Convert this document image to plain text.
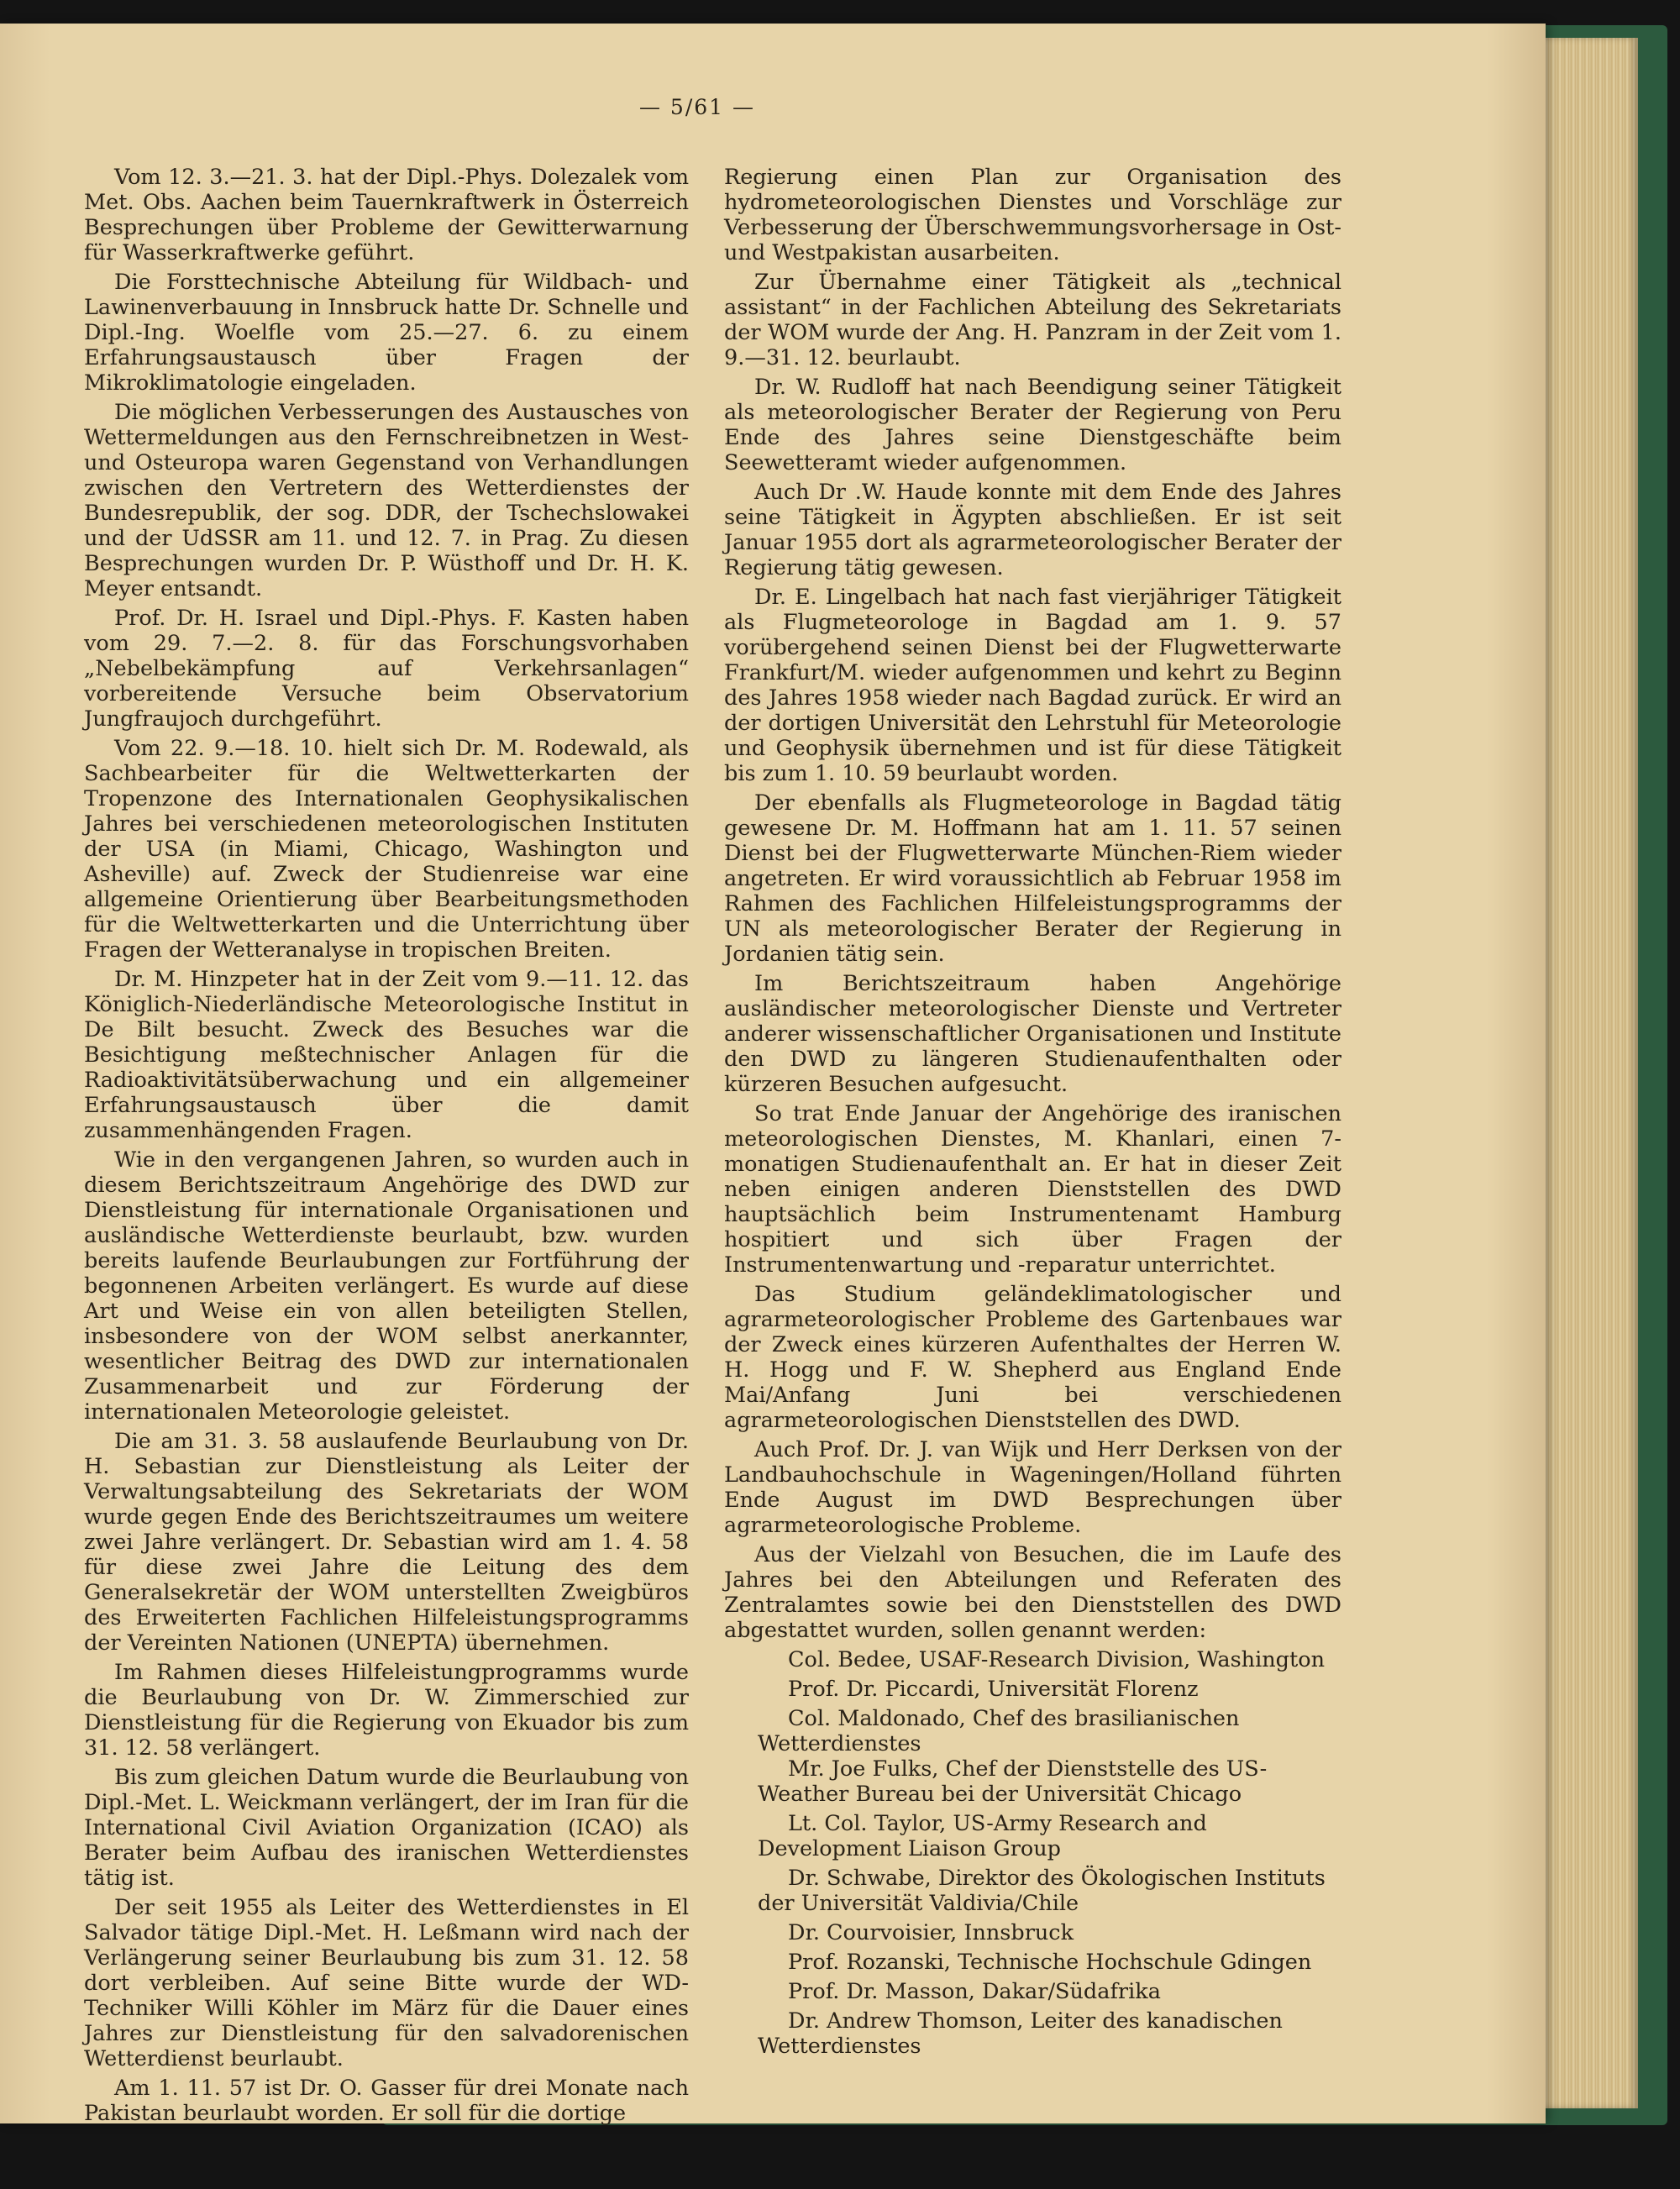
— 5/61 —

Vom 12. 3.—21. 3. hat der Dipl.-Phys. Dolezalek vom Met. Obs. Aachen beim Tauernkraftwerk in Österreich Besprechungen über Probleme der Gewitterwarnung für Wasserkraftwerke geführt.

Die Forsttechnische Abteilung für Wildbach- und Lawinenverbauung in Innsbruck hatte Dr. Schnelle und Dipl.-Ing. Woelfle vom 25.—27. 6. zu einem Erfahrungsaustausch über Fragen der Mikroklimatologie eingeladen.

Die möglichen Verbesserungen des Austausches von Wettermeldungen aus den Fernschreibnetzen in West- und Osteuropa waren Gegenstand von Verhandlungen zwischen den Vertretern des Wetterdienstes der Bundesrepublik, der sog. DDR, der Tschechslowakei und der UdSSR am 11. und 12. 7. in Prag. Zu diesen Besprechungen wurden Dr. P. Wüsthoff und Dr. H. K. Meyer entsandt.

Prof. Dr. H. Israel und Dipl.-Phys. F. Kasten haben vom 29. 7.—2. 8. für das Forschungsvorhaben „Nebelbekämpfung auf Verkehrsanlagen“ vorbereitende Versuche beim Observatorium Jungfraujoch durchgeführt.

Vom 22. 9.—18. 10. hielt sich Dr. M. Rodewald, als Sachbearbeiter für die Weltwetterkarten der Tropenzone des Internationalen Geophysikalischen Jahres bei verschiedenen meteorologischen Instituten der USA (in Miami, Chicago, Washington und Asheville) auf. Zweck der Studienreise war eine allgemeine Orientierung über Bearbeitungsmethoden für die Weltwetterkarten und die Unterrichtung über Fragen der Wetteranalyse in tropischen Breiten.

Dr. M. Hinzpeter hat in der Zeit vom 9.—11. 12. das Königlich-Niederländische Meteorologische Institut in De Bilt besucht. Zweck des Besuches war die Besichtigung meßtechnischer Anlagen für die Radioaktivitätsüberwachung und ein allgemeiner Erfahrungsaustausch über die damit zusammenhängenden Fragen.

Wie in den vergangenen Jahren, so wurden auch in diesem Berichtszeitraum Angehörige des DWD zur Dienstleistung für internationale Organisationen und ausländische Wetterdienste beurlaubt, bzw. wurden bereits laufende Beurlaubungen zur Fortführung der begonnenen Arbeiten verlängert. Es wurde auf diese Art und Weise ein von allen beteiligten Stellen, insbesondere von der WOM selbst anerkannter, wesentlicher Beitrag des DWD zur internationalen Zusammenarbeit und zur Förderung der internationalen Meteorologie geleistet.

Die am 31. 3. 58 auslaufende Beurlaubung von Dr. H. Sebastian zur Dienstleistung als Leiter der Verwaltungsabteilung des Sekretariats der WOM wurde gegen Ende des Berichtszeitraumes um weitere zwei Jahre verlängert. Dr. Sebastian wird am 1. 4. 58 für diese zwei Jahre die Leitung des dem Generalsekretär der WOM unterstellten Zweigbüros des Erweiterten Fachlichen Hilfeleistungsprogramms der Vereinten Nationen (UNEPTA) übernehmen.

Im Rahmen dieses Hilfeleistungprogramms wurde die Beurlaubung von Dr. W. Zimmerschied zur Dienstleistung für die Regierung von Ekuador bis zum 31. 12. 58 verlängert.

Bis zum gleichen Datum wurde die Beurlaubung von Dipl.-Met. L. Weickmann verlängert, der im Iran für die International Civil Aviation Organization (ICAO) als Berater beim Aufbau des iranischen Wetterdienstes tätig ist.

Der seit 1955 als Leiter des Wetterdienstes in El Salvador tätige Dipl.-Met. H. Leßmann wird nach der Verlängerung seiner Beurlaubung bis zum 31. 12. 58 dort verbleiben. Auf seine Bitte wurde der WD-Techniker Willi Köhler im März für die Dauer eines Jahres zur Dienstleistung für den salvadorenischen Wetterdienst beurlaubt.

Am 1. 11. 57 ist Dr. O. Gasser für drei Monate nach Pakistan beurlaubt worden. Er soll für die dortige

Regierung einen Plan zur Organisation des hydrometeorologischen Dienstes und Vorschläge zur Verbesserung der Überschwemmungsvorhersage in Ost- und Westpakistan ausarbeiten.

Zur Übernahme einer Tätigkeit als „technical assistant“ in der Fachlichen Abteilung des Sekretariats der WOM wurde der Ang. H. Panzram in der Zeit vom 1. 9.—31. 12. beurlaubt.

Dr. W. Rudloff hat nach Beendigung seiner Tätigkeit als meteorologischer Berater der Regierung von Peru Ende des Jahres seine Dienstgeschäfte beim Seewetteramt wieder aufgenommen.

Auch Dr .W. Haude konnte mit dem Ende des Jahres seine Tätigkeit in Ägypten abschließen. Er ist seit Januar 1955 dort als agrarmeteorologischer Berater der Regierung tätig gewesen.

Dr. E. Lingelbach hat nach fast vierjähriger Tätigkeit als Flugmeteorologe in Bagdad am 1. 9. 57 vorübergehend seinen Dienst bei der Flugwetterwarte Frankfurt/M. wieder aufgenommen und kehrt zu Beginn des Jahres 1958 wieder nach Bagdad zurück. Er wird an der dortigen Universität den Lehrstuhl für Meteorologie und Geophysik übernehmen und ist für diese Tätigkeit bis zum 1. 10. 59 beurlaubt worden.

Der ebenfalls als Flugmeteorologe in Bagdad tätig gewesene Dr. M. Hoffmann hat am 1. 11. 57 seinen Dienst bei der Flugwetterwarte München-Riem wieder angetreten. Er wird voraussichtlich ab Februar 1958 im Rahmen des Fachlichen Hilfeleistungsprogramms der UN als meteorologischer Berater der Regierung in Jordanien tätig sein.

Im Berichtszeitraum haben Angehörige ausländischer meteorologischer Dienste und Vertreter anderer wissenschaftlicher Organisationen und Institute den DWD zu längeren Studienaufenthalten oder kürzeren Besuchen aufgesucht.

So trat Ende Januar der Angehörige des iranischen meteorologischen Dienstes, M. Khanlari, einen 7-monatigen Studienaufenthalt an. Er hat in dieser Zeit neben einigen anderen Dienststellen des DWD hauptsächlich beim Instrumentenamt Hamburg hospitiert und sich über Fragen der Instrumentenwartung und -reparatur unterrichtet.

Das Studium geländeklimatologischer und agrarmeteorologischer Probleme des Gartenbaues war der Zweck eines kürzeren Aufenthaltes der Herren W. H. Hogg und F. W. Shepherd aus England Ende Mai/Anfang Juni bei verschiedenen agrarmeteorologischen Dienststellen des DWD.

Auch Prof. Dr. J. van Wijk und Herr Derksen von der Landbauhochschule in Wageningen/Holland führten Ende August im DWD Besprechungen über agrarmeteorologische Probleme.

Aus der Vielzahl von Besuchen, die im Laufe des Jahres bei den Abteilungen und Referaten des Zentralamtes sowie bei den Dienststellen des DWD abgestattet wurden, sollen genannt werden:

Col. Bedee, USAF-Research Division, Washington

Prof. Dr. Piccardi, Universität Florenz

Col. Maldonado, Chef des brasilianischen Wetterdienstes

Mr. Joe Fulks, Chef der Dienststelle des US-Weather Bureau bei der Universität Chicago

Lt. Col. Taylor, US-Army Research and Development Liaison Group

Dr. Schwabe, Direktor des Ökologischen Instituts der Universität Valdivia/Chile

Dr. Courvoisier, Innsbruck

Prof. Rozanski, Technische Hochschule Gdingen

Prof. Dr. Masson, Dakar/Südafrika

Dr. Andrew Thomson, Leiter des kanadischen Wetterdienstes
